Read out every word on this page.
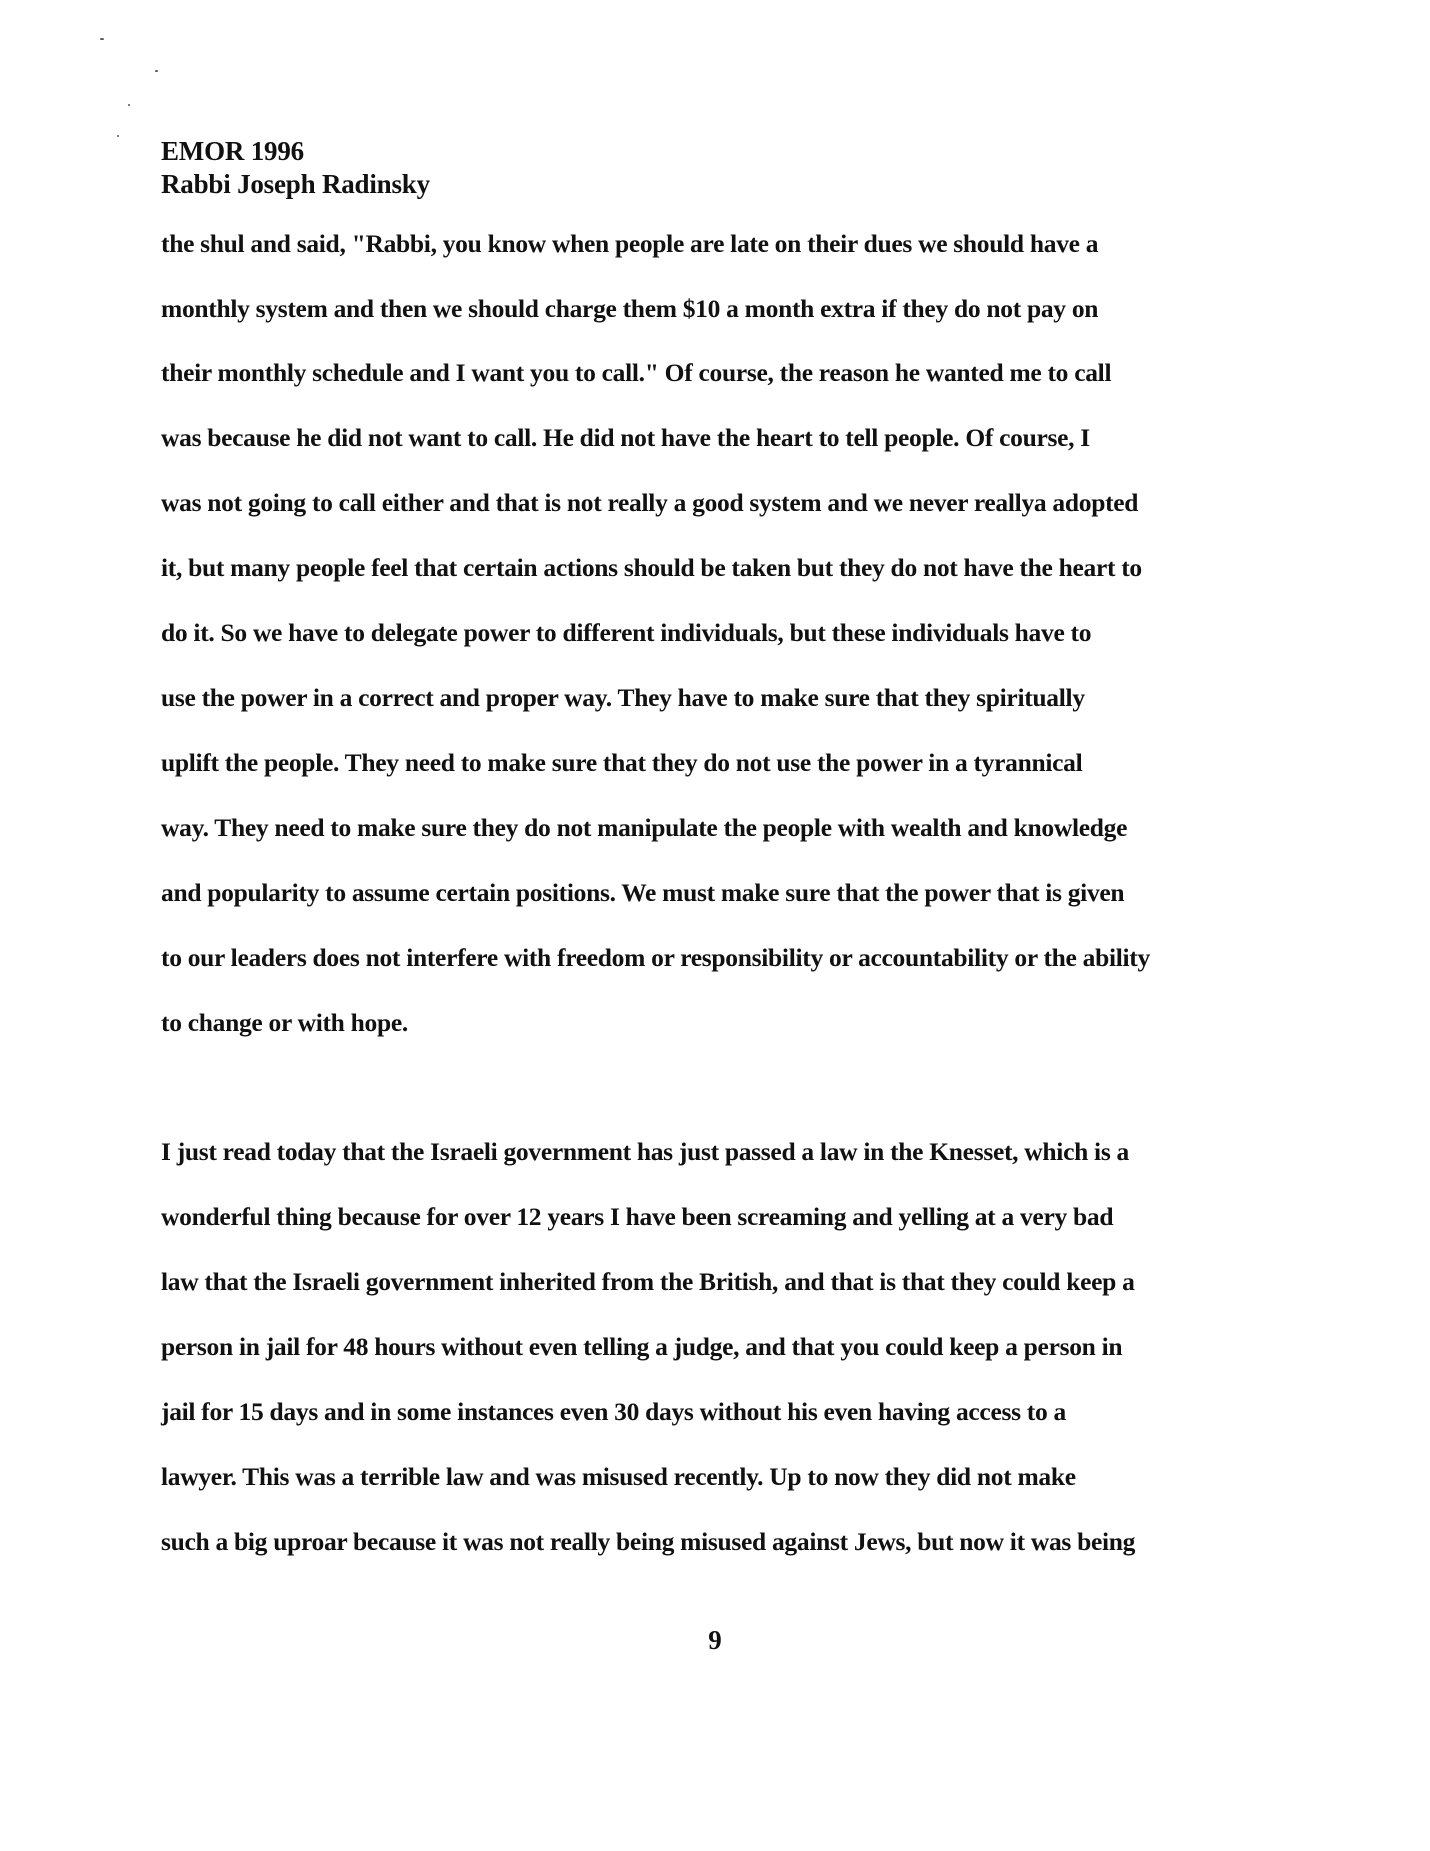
EMOR 1996
Rabbi Joseph Radinsky
the shul and said, "Rabbi, you know when people are late on their dues we should have a
monthly system and then we should charge them $10 a month extra if they do not pay on
their monthly schedule and I want you to call." Of course, the reason he wanted me to call
was because he did not want to call. He did not have the heart to tell people. Of course, I
was not going to call either and that is not really a good system and we never reallya adopted
it, but many people feel that certain actions should be taken but they do not have the heart to
do it. So we have to delegate power to different individuals, but these individuals have to
use the power in a correct and proper way. They have to make sure that they spiritually
uplift the people. They need to make sure that they do not use the power in a tyrannical
way. They need to make sure they do not manipulate the people with wealth and knowledge
and popularity to assume certain positions. We must make sure that the power that is given
to our leaders does not interfere with freedom or responsibility or accountability or the ability
to change or with hope.
I just read today that the Israeli government has just passed a law in the Knesset, which is a
wonderful thing because for over 12 years I have been screaming and yelling at a very bad
law that the Israeli government inherited from the British, and that is that they could keep a
person in jail for 48 hours without even telling a judge, and that you could keep a person in
jail for 15 days and in some instances even 30 days without his even having access to a
lawyer. This was a terrible law and was misused recently. Up to now they did not make
such a big uproar because it was not really being misused against Jews, but now it was being
9
